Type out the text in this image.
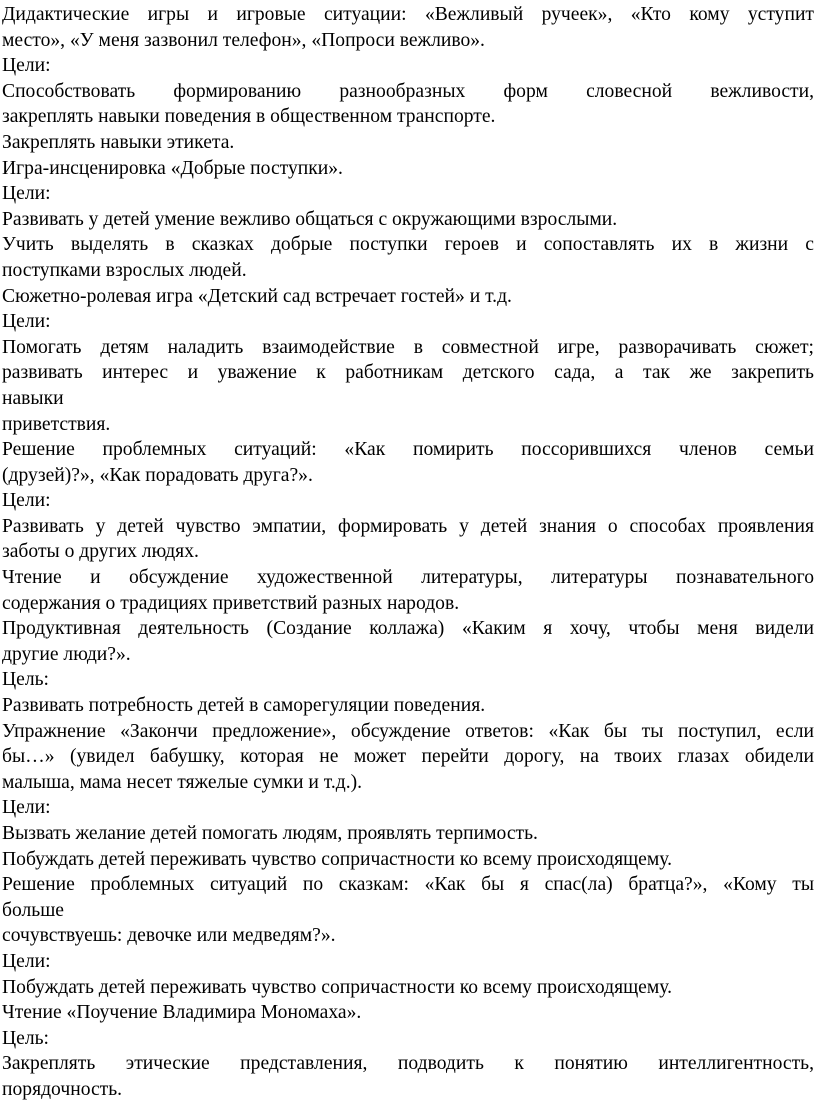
Дидактические игры и игровые ситуации: «Вежливый ручеек», «Кто кому уступит
место», «У меня зазвонил телефон», «Попроси вежливо».
Цели:
Способствовать формированию разнообразных форм словесной вежливости,
закреплять навыки поведения в общественном транспорте.
Закреплять навыки этикета.
Игра-инсценировка «Добрые поступки».
Цели:
Развивать у детей умение вежливо общаться с окружающими взрослыми.
Учить выделять в сказках добрые поступки героев и сопоставлять их в жизни с
поступками взрослых людей.
Сюжетно-ролевая игра «Детский сад встречает гостей» и т.д.
Цели:
Помогать детям наладить взаимодействие в совместной игре, разворачивать сюжет;
развивать интерес и уважение к работникам детского сада, а так же закрепить
навыки
приветствия.
Решение проблемных ситуаций: «Как помирить поссорившихся членов семьи
(друзей)?», «Как порадовать друга?».
Цели:
Развивать у детей чувство эмпатии, формировать у детей знания о способах проявления
заботы о других людях.
Чтение и обсуждение художественной литературы, литературы познавательного
содержания о традициях приветствий разных народов.
Продуктивная деятельность (Создание коллажа) «Каким я хочу, чтобы меня видели
другие люди?».
Цель:
Развивать потребность детей в саморегуляции поведения.
Упражнение «Закончи предложение», обсуждение ответов: «Как бы ты поступил, если
бы…» (увидел бабушку, которая не может перейти дорогу, на твоих глазах обидели
малыша, мама несет тяжелые сумки и т.д.).
Цели:
Вызвать желание детей помогать людям, проявлять терпимость.
Побуждать детей переживать чувство сопричастности ко всему происходящему.
Решение проблемных ситуаций по сказкам: «Как бы я спас(ла) братца?», «Кому ты
больше
сочувствуешь: девочке или медведям?».
Цели:
Побуждать детей переживать чувство сопричастности ко всему происходящему.
Чтение «Поучение Владимира Мономаха».
Цель:
Закреплять этические представления, подводить к понятию интеллигентность,
порядочность.
